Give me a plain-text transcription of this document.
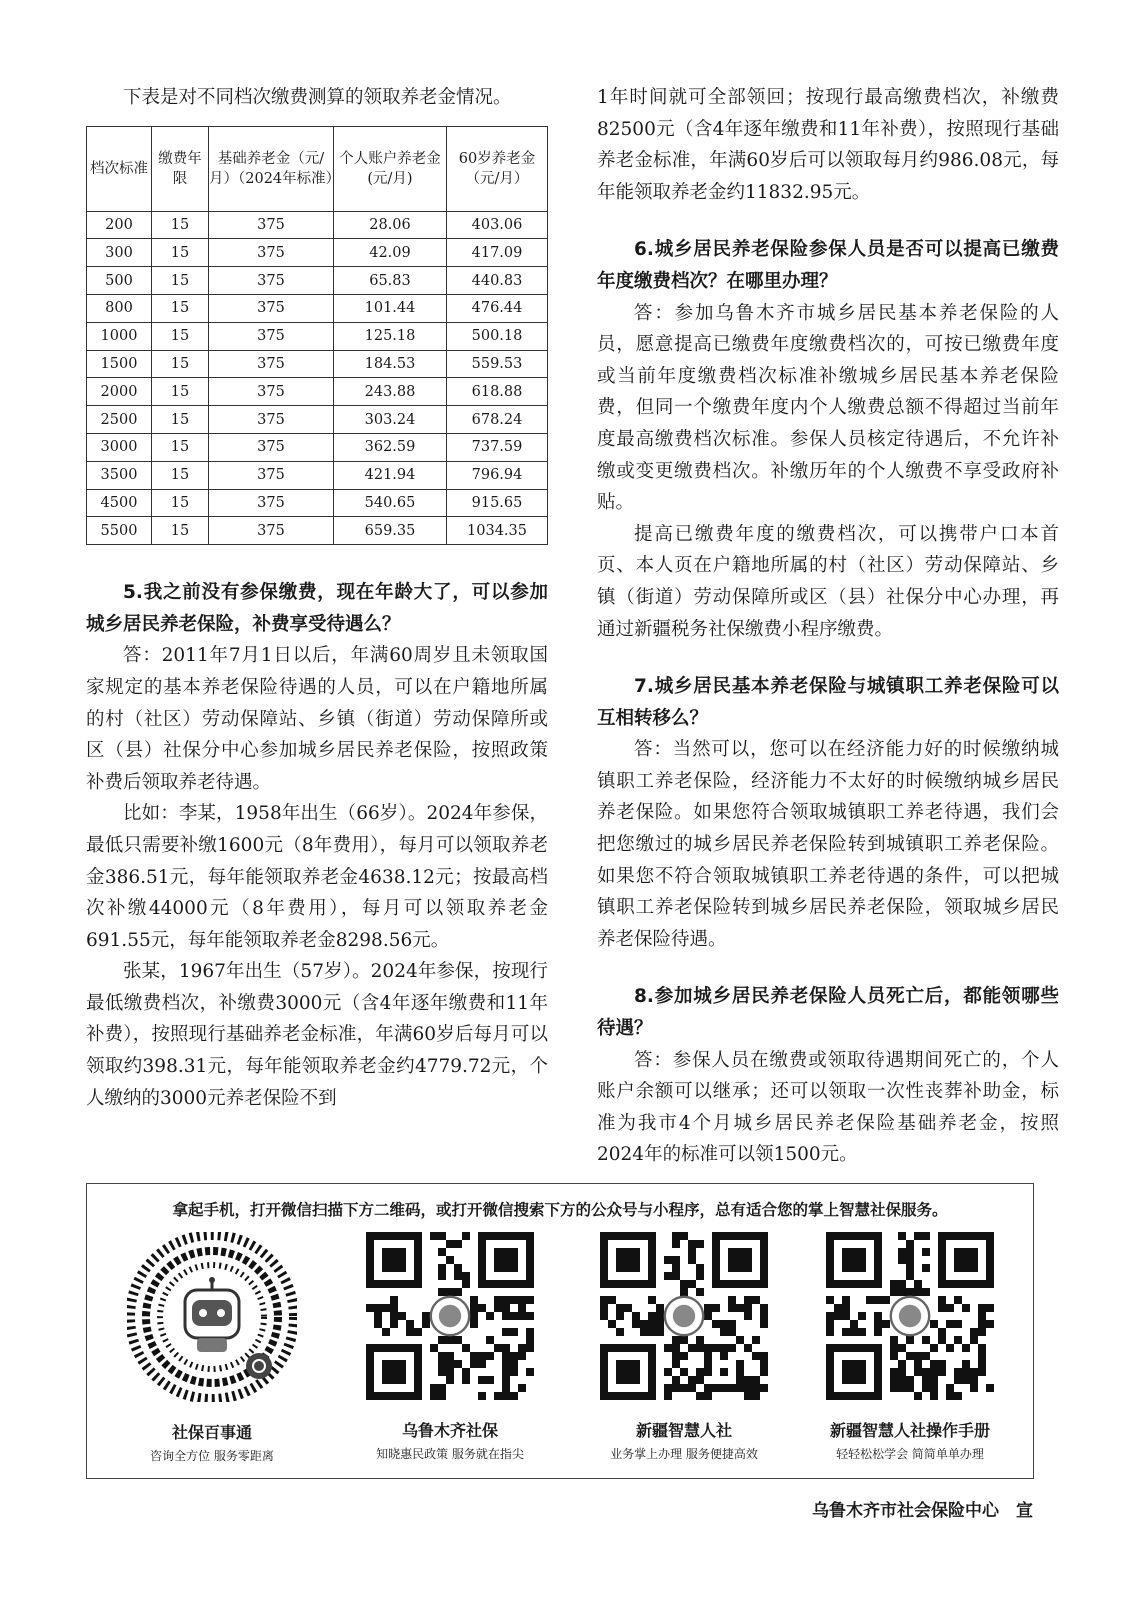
下表是对不同档次缴费测算的领取养老金情况。

档次标准	缴费年限	基础养老金（元/月）（2024年标准）	个人账户养老金(元/月)	60岁养老金（元/月）
200	15	375	28.06	403.06
300	15	375	42.09	417.09
500	15	375	65.83	440.83
800	15	375	101.44	476.44
1000	15	375	125.18	500.18
1500	15	375	184.53	559.53
2000	15	375	243.88	618.88
2500	15	375	303.24	678.24
3000	15	375	362.59	737.59
3500	15	375	421.94	796.94
4500	15	375	540.65	915.65
5500	15	375	659.35	1034.35
5.我之前没有参保缴费，现在年龄大了，可以参加城乡居民养老保险，补费享受待遇么？

答：2011年7月1日以后，年满60周岁且未领取国家规定的基本养老保险待遇的人员，可以在户籍地所属的村（社区）劳动保障站、乡镇（街道）劳动保障所或区（县）社保分中心参加城乡居民养老保险，按照政策补费后领取养老待遇。

比如：李某，1958年出生（66岁）。2024年参保，最低只需要补缴1600元（8年费用），每月可以领取养老金386.51元，每年能领取养老金4638.12元；按最高档次补缴44000元（8年费用），每月可以领取养老金691.55元，每年能领取养老金8298.56元。

张某，1967年出生（57岁）。2024年参保，按现行最低缴费档次，补缴费3000元（含4年逐年缴费和11年补费），按照现行基础养老金标准，年满60岁后每月可以领取约398.31元，每年能领取养老金约4779.72元，个人缴纳的3000元养老保险不到

1年时间就可全部领回；按现行最高缴费档次，补缴费82500元（含4年逐年缴费和11年补费），按照现行基础养老金标准，年满60岁后可以领取每月约986.08元，每年能领取养老金约11832.95元。

6.城乡居民养老保险参保人员是否可以提高已缴费年度缴费档次？在哪里办理？

答：参加乌鲁木齐市城乡居民基本养老保险的人员，愿意提高已缴费年度缴费档次的，可按已缴费年度或当前年度缴费档次标准补缴城乡居民基本养老保险费，但同一个缴费年度内个人缴费总额不得超过当前年度最高缴费档次标准。参保人员核定待遇后，不允许补缴或变更缴费档次。补缴历年的个人缴费不享受政府补贴。

提高已缴费年度的缴费档次，可以携带户口本首页、本人页在户籍地所属的村（社区）劳动保障站、乡镇（街道）劳动保障所或区（县）社保分中心办理，再通过新疆税务社保缴费小程序缴费。

7.城乡居民基本养老保险与城镇职工养老保险可以互相转移么？

答：当然可以，您可以在经济能力好的时候缴纳城镇职工养老保险，经济能力不太好的时候缴纳城乡居民养老保险。如果您符合领取城镇职工养老待遇，我们会把您缴过的城乡居民养老保险转到城镇职工养老保险。如果您不符合领取城镇职工养老待遇的条件，可以把城镇职工养老保险转到城乡居民养老保险，领取城乡居民养老保险待遇。

8.参加城乡居民养老保险人员死亡后，都能领哪些待遇？

答：参保人员在缴费或领取待遇期间死亡的，个人账户余额可以继承；还可以领取一次性丧葬补助金，标准为我市4个月城乡居民养老保险基础养老金，按照2024年的标准可以领1500元。

拿起手机，打开微信扫描下方二维码，或打开微信搜索下方的公众号与小程序，总有适合您的掌上智慧社保服务。
社保百事通
咨询全方位 服务零距离
乌鲁木齐社保
知晓惠民政策 服务就在指尖
新疆智慧人社
业务掌上办理 服务便捷高效
新疆智慧人社操作手册
轻轻松松学会 简简单单办理
乌鲁木齐市社会保险中心　宣
